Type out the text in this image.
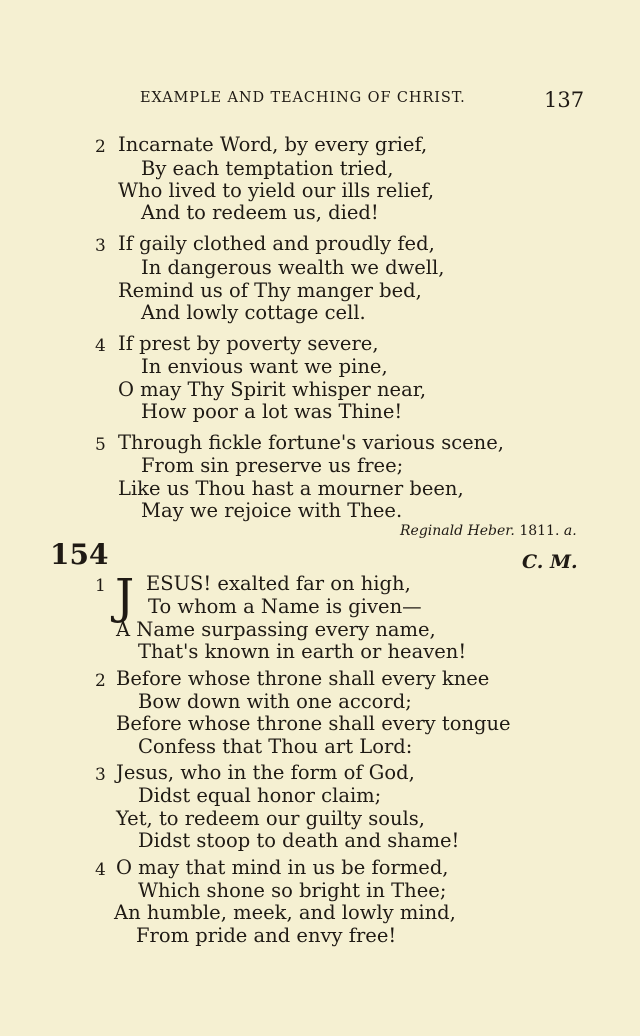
EXAMPLE AND TEACHING OF CHRIST.	137
2 Incarnate Word, by every grief,
By each temptation tried,
Who lived to yield our ills relief,
And to redeem us, died!
3 If gaily clothed and proudly fed,
In dangerous wealth we dwell,
Remind us of Thy manger bed,
And lowly cottage cell.
4 If prest by poverty severe,
In envious want we pine,
O may Thy Spirit whisper near,
How poor a lot was Thine!
5 Through fickle fortune's various scene,
From sin preserve us free;
Like us Thou hast a mourner been,
May we rejoice with Thee.
Reginald Heber. 1811. a.
154	C. M.
1 J ESUS! exalted far on high,
To whom a Name is given—
A Name surpassing every name,
That's known in earth or heaven!
2 Before whose throne shall every knee
Bow down with one accord;
Before whose throne shall every tongue
Confess that Thou art Lord:
3 Jesus, who in the form of God,
Didst equal honor claim;
Yet, to redeem our guilty souls,
Didst stoop to death and shame!
4 O may that mind in us be formed,
Which shone so bright in Thee;
An humble, meek, and lowly mind,
From pride and envy free!
